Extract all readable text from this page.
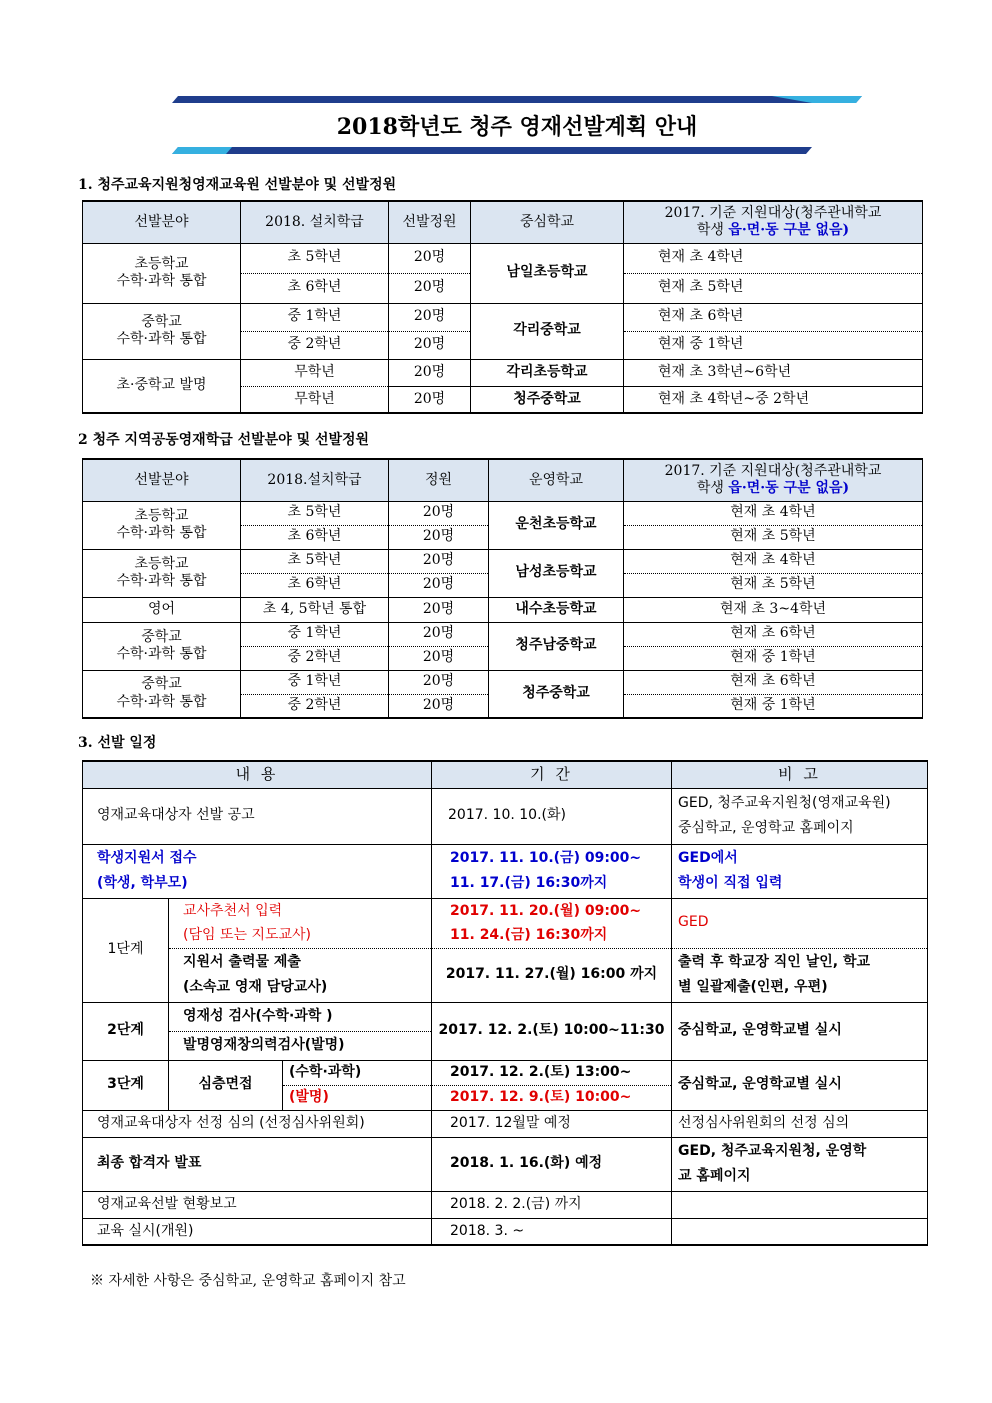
2018학년도 청주 영재선발계획 안내
1. 청주교육지원청영재교육원 선발분야 및 선발정원
선발분야	2018. 설치학급	선발정원	중심학교	2017. 기준 지원대상(청주관내학교
학생 읍·면·동 구분 없음)
초등학교
수학·과학 통합	초 5학년	20명	남일초등학교	현재 초 4학년
	초 6학년	20명		현재 초 5학년
중학교
수학·과학 통합	중 1학년	20명	각리중학교	현재 초 6학년
	중 2학년	20명		현재 중 1학년
초·중학교 발명	무학년	20명	각리초등학교	현재 초 3학년~6학년
	무학년	20명	청주중학교	현재 초 4학년~중 2학년
2 청주 지역공동영재학급 선발분야 및 선발정원
선발분야	2018.설치학급	정원	운영학교	2017. 기준 지원대상(청주관내학교
학생 읍·면·동 구분 없음)
초등학교
수학·과학 통합	초 5학년	20명	운천초등학교	현재 초 4학년
	초 6학년	20명		현재 초 5학년
초등학교
수학·과학 통합	초 5학년	20명	남성초등학교	현재 초 4학년
	초 6학년	20명		현재 초 5학년
영어	초 4, 5학년 통합	20명	내수초등학교	현재 초 3~4학년
중학교
수학·과학 통합	중 1학년	20명	청주남중학교	현재 초 6학년
	중 2학년	20명		현재 중 1학년
중학교
수학·과학 통합	중 1학년	20명	청주중학교	현재 초 6학년
	중 2학년	20명		현재 중 1학년
3. 선발 일정
내 용			기 간	비 고
영재교육대상자 선발 공고			2017. 10. 10.(화)	GED, 청주교육지원청(영재교육원)
중심학교, 운영학교 홈페이지
학생지원서 접수
(학생, 학부모)			2017. 11. 10.(금) 09:00~
11. 17.(금) 16:30까지	GED에서
학생이 직접 입력
1단계	교사추천서 입력
(담임 또는 지도교사)		2017. 11. 20.(월) 09:00~
11. 24.(금) 16:30까지	GED
	지원서 출력물 제출
(소속교 영재 담당교사)		2017. 11. 27.(월) 16:00 까지	출력 후 학교장 직인 날인, 학교
별 일괄제출(인편, 우편)
2단계	영재성 검사(수학·과학 )		2017. 12. 2.(토) 10:00~11:30	중심학교, 운영학교별 실시
	발명영재창의력검사(발명)			
3단계	심층면접	(수학·과학)	2017. 12. 2.(토) 13:00~	중심학교, 운영학교별 실시
		(발명)	2017. 12. 9.(토) 10:00~	
영재교육대상자 선정 심의 (선정심사위원회)			2017. 12월말 예정	선정심사위원회의 선정 심의
최종 합격자 발표			2018. 1. 16.(화) 예정	GED, 청주교육지원청, 운영학
교 홈페이지
영재교육선발 현황보고			2018. 2. 2.(금) 까지	
교육 실시(개원)			2018. 3. ~	
※ 자세한 사항은 중심학교, 운영학교 홈페이지 참고
